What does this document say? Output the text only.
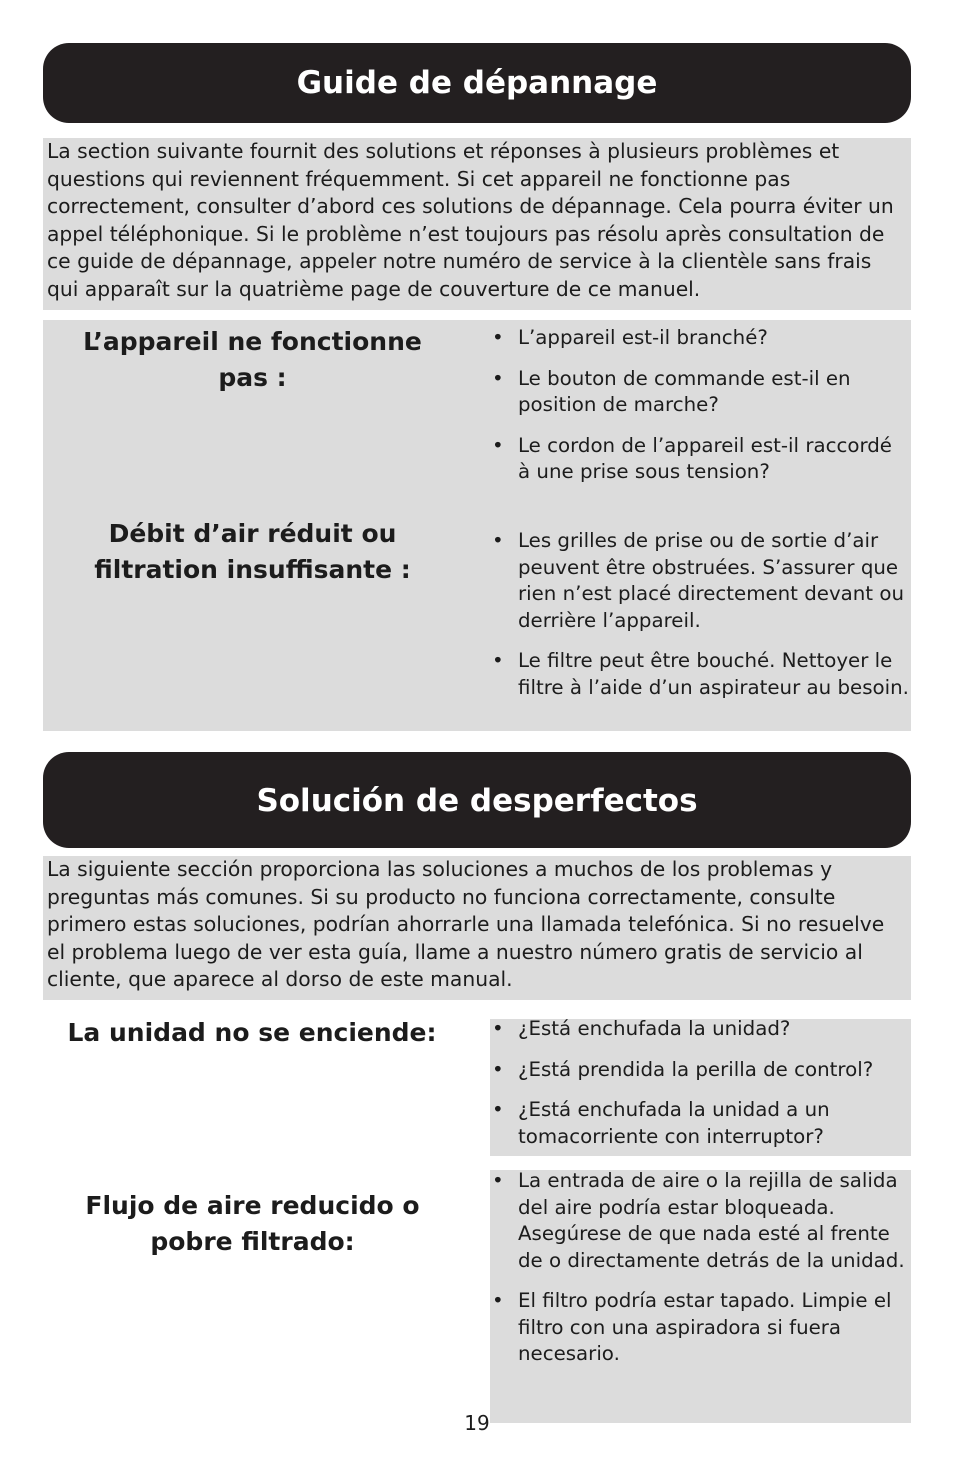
Guide de dépannage
La section suivante fournit des solutions et réponses à plusieurs problèmes et questions qui reviennent fréquemment. Si cet appareil ne fonctionne pas correctement, consulter d’abord ces solutions de dépannage. Cela pourra éviter un appel téléphonique. Si le problème n’est toujours pas résolu après consultation de ce guide de dépannage, appeler notre numéro de service à la clientèle sans frais qui apparaît sur la quatrième page de couverture de ce manuel.
L’appareil ne fonctionne pas :
• L’appareil est-il branché?
• Le bouton de commande est-il en position de marche?
• Le cordon de l’appareil est-il raccordé à une prise sous tension?
Débit d’air réduit ou filtration insuffisante :
• Les grilles de prise ou de sortie d’air peuvent être obstruées. S’assurer que rien n’est placé directement devant ou derrière l’appareil.
• Le filtre peut être bouché. Nettoyer le filtre à l’aide d’un aspirateur au besoin.
Solución de desperfectos
La siguiente sección proporciona las soluciones a muchos de los problemas y preguntas más comunes. Si su producto no funciona correctamente, consulte primero estas soluciones, podrían ahorrarle una llamada telefónica. Si no resuelve el problema luego de ver esta guía, llame a nuestro número gratis de servicio al cliente, que aparece al dorso de este manual.
La unidad no se enciende:	• ¿Está enchufada la unidad?
• ¿Está prendida la perilla de control?
• ¿Está enchufada la unidad a un tomacorriente con interruptor?
Flujo de aire reducido o pobre filtrado:
• La entrada de aire o la rejilla de salida del aire podría estar bloqueada. Asegúrese de que nada esté al frente de o directamente detrás de la unidad.
• El filtro podría estar tapado. Limpie el filtro con una aspiradora si fuera necesario.
19
